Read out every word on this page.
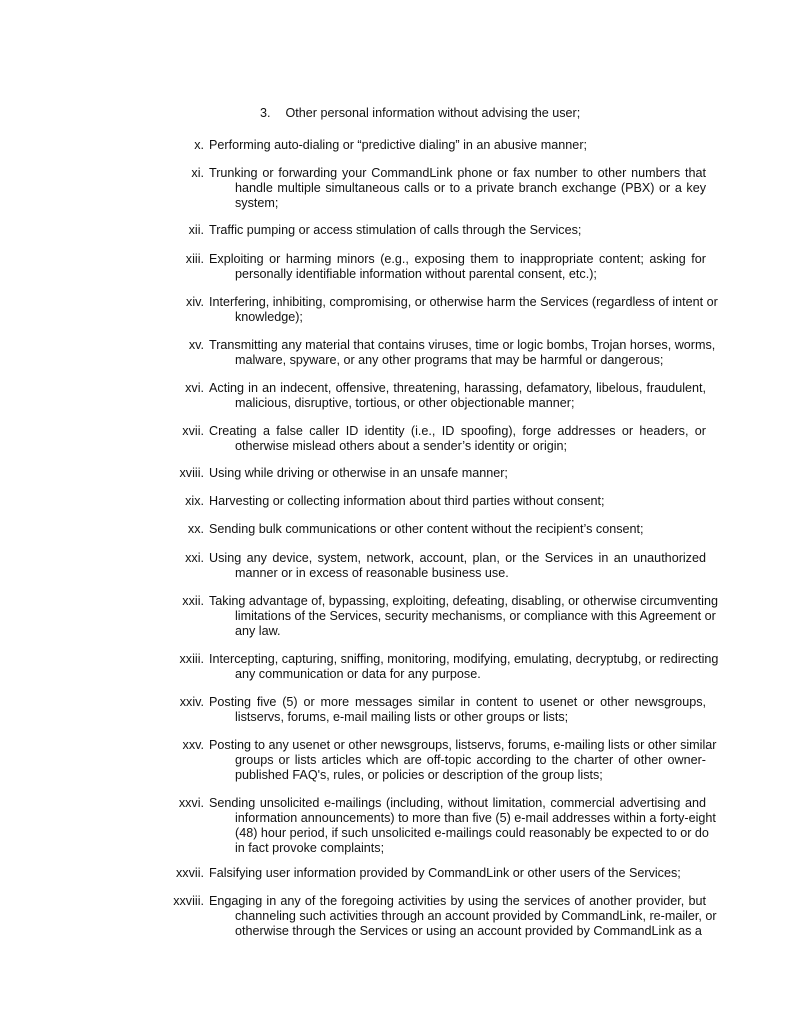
3. Other personal information without advising the user;
x. Performing auto-dialing or “predictive dialing” in an abusive manner;
xi. Trunking or forwarding your CommandLink phone or fax number to other numbers that
handle multiple simultaneous calls or to a private branch exchange (PBX) or a key
system;
xii. Traffic pumping or access stimulation of calls through the Services;
xiii. Exploiting or harming minors (e.g., exposing them to inappropriate content; asking for
personally identifiable information without parental consent, etc.);
xiv. Interfering, inhibiting, compromising, or otherwise harm the Services (regardless of intent or
knowledge);
xv. Transmitting any material that contains viruses, time or logic bombs, Trojan horses, worms,
malware, spyware, or any other programs that may be harmful or dangerous;
xvi. Acting in an indecent, offensive, threatening, harassing, defamatory, libelous, fraudulent,
malicious, disruptive, tortious, or other objectionable manner;
xvii. Creating a false caller ID identity (i.e., ID spoofing), forge addresses or headers, or
otherwise mislead others about a sender’s identity or origin;
xviii. Using while driving or otherwise in an unsafe manner;
xix. Harvesting or collecting information about third parties without consent;
xx. Sending bulk communications or other content without the recipient’s consent;
xxi. Using any device, system, network, account, plan, or the Services in an unauthorized
manner or in excess of reasonable business use.
xxii. Taking advantage of, bypassing, exploiting, defeating, disabling, or otherwise circumventing
limitations of the Services, security mechanisms, or compliance with this Agreement or
any law.
xxiii. Intercepting, capturing, sniffing, monitoring, modifying, emulating, decryptubg, or redirecting
any communication or data for any purpose.
xxiv. Posting five (5) or more messages similar in content to usenet or other newsgroups,
listservs, forums, e-mail mailing lists or other groups or lists;
xxv. Posting to any usenet or other newsgroups, listservs, forums, e-mailing lists or other similar
groups or lists articles which are off-topic according to the charter of other owner-
published FAQ's, rules, or policies or description of the group lists;
xxvi. Sending unsolicited e-mailings (including, without limitation, commercial advertising and
information announcements) to more than five (5) e-mail addresses within a forty-eight
(48) hour period, if such unsolicited e-mailings could reasonably be expected to or do
in fact provoke complaints;
xxvii. Falsifying user information provided by CommandLink or other users of the Services;
xxviii. Engaging in any of the foregoing activities by using the services of another provider, but
channeling such activities through an account provided by CommandLink, re-mailer, or
otherwise through the Services or using an account provided by CommandLink as a
